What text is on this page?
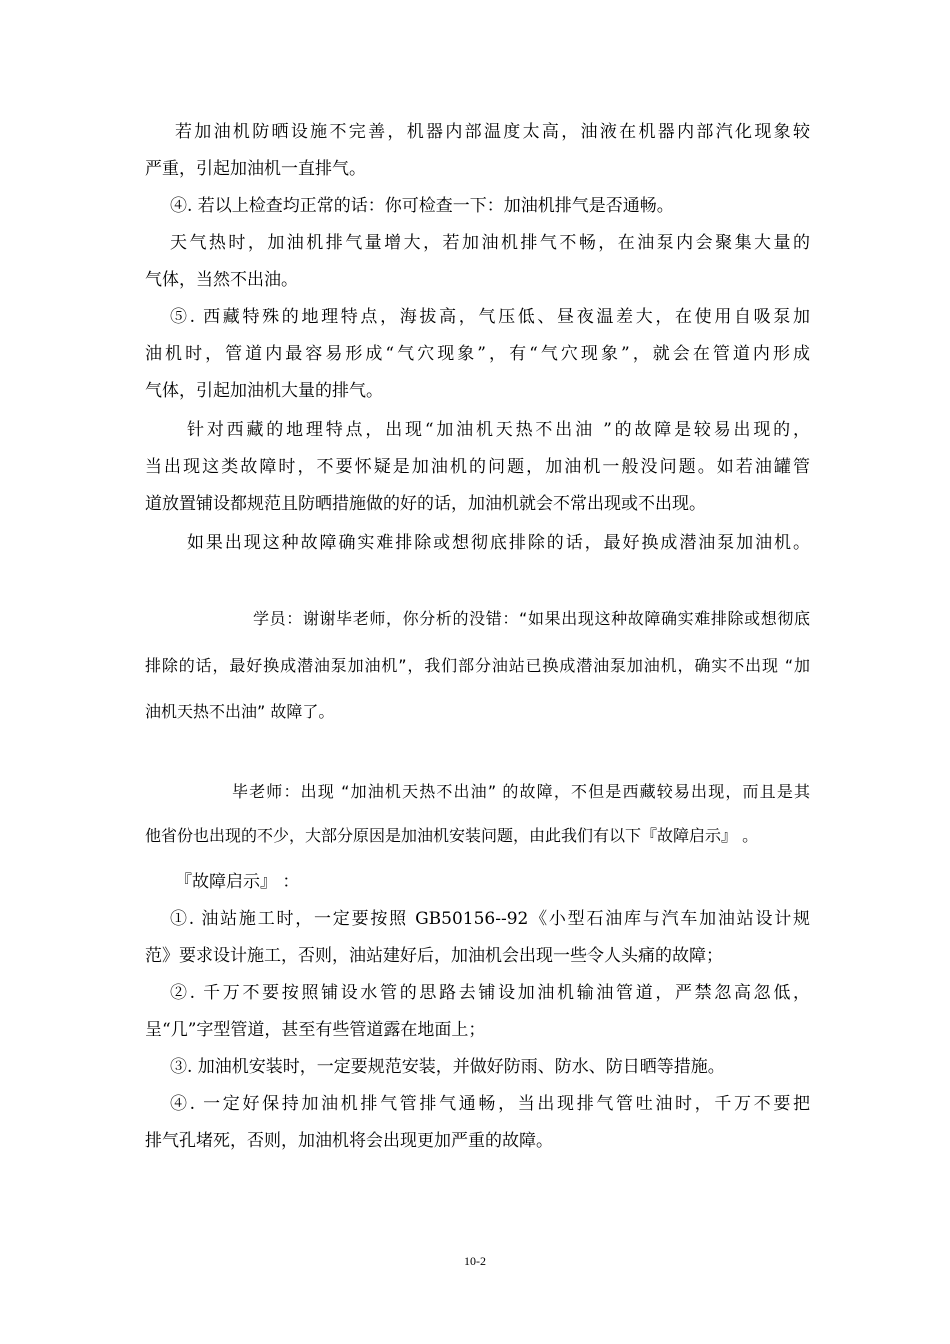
若加油机防晒设施不完善，机器内部温度太高，油液在机器内部汽化现象较
严重，引起加油机一直排气。
④. 若以上检查均正常的话：你可检查一下：加油机排气是否通畅。
天气热时，加油机排气量增大，若加油机排气不畅，在油泵内会聚集大量的
气体，当然不出油。
⑤. 西藏特殊的地理特点，海拔高，气压低、昼夜温差大，在使用自吸泵加
油机时，管道内最容易形成“气穴现象”，有“气穴现象”，就会在管道内形成
气体，引起加油机大量的排气。
针对西藏的地理特点，出现“加油机天热不出油 ”的故障是较易出现的，
当出现这类故障时，不要怀疑是加油机的问题，加油机一般没问题。如若油罐管
道放置铺设都规范且防晒措施做的好的话，加油机就会不常出现或不出现。
如果出现这种故障确实难排除或想彻底排除的话，最好换成潜油泵加油机。
学员：谢谢毕老师，你分析的没错：“如果出现这种故障确实难排除或想彻底
排除的话，最好换成潜油泵加油机”，我们部分油站已换成潜油泵加油机，确实不出现 “加
油机天热不出油” 故障了。
毕老师：出现 “加油机天热不出油” 的故障，不但是西藏较易出现，而且是其
他省份也出现的不少，大部分原因是加油机安装问题，由此我们有以下『故障启示』 。
『故障启示』 ：
①. 油站施工时，一定要按照 GB50156--92《小型石油库与汽车加油站设计规
范》要求设计施工，否则，油站建好后，加油机会出现一些令人头痛的故障；
②. 千万不要按照铺设水管的思路去铺设加油机输油管道，严禁忽高忽低，
呈“几”字型管道，甚至有些管道露在地面上；
③. 加油机安装时，一定要规范安装，并做好防雨、防水、防日晒等措施。
④. 一定好保持加油机排气管排气通畅，当出现排气管吐油时，千万不要把
排气孔堵死，否则，加油机将会出现更加严重的故障。
10-2
